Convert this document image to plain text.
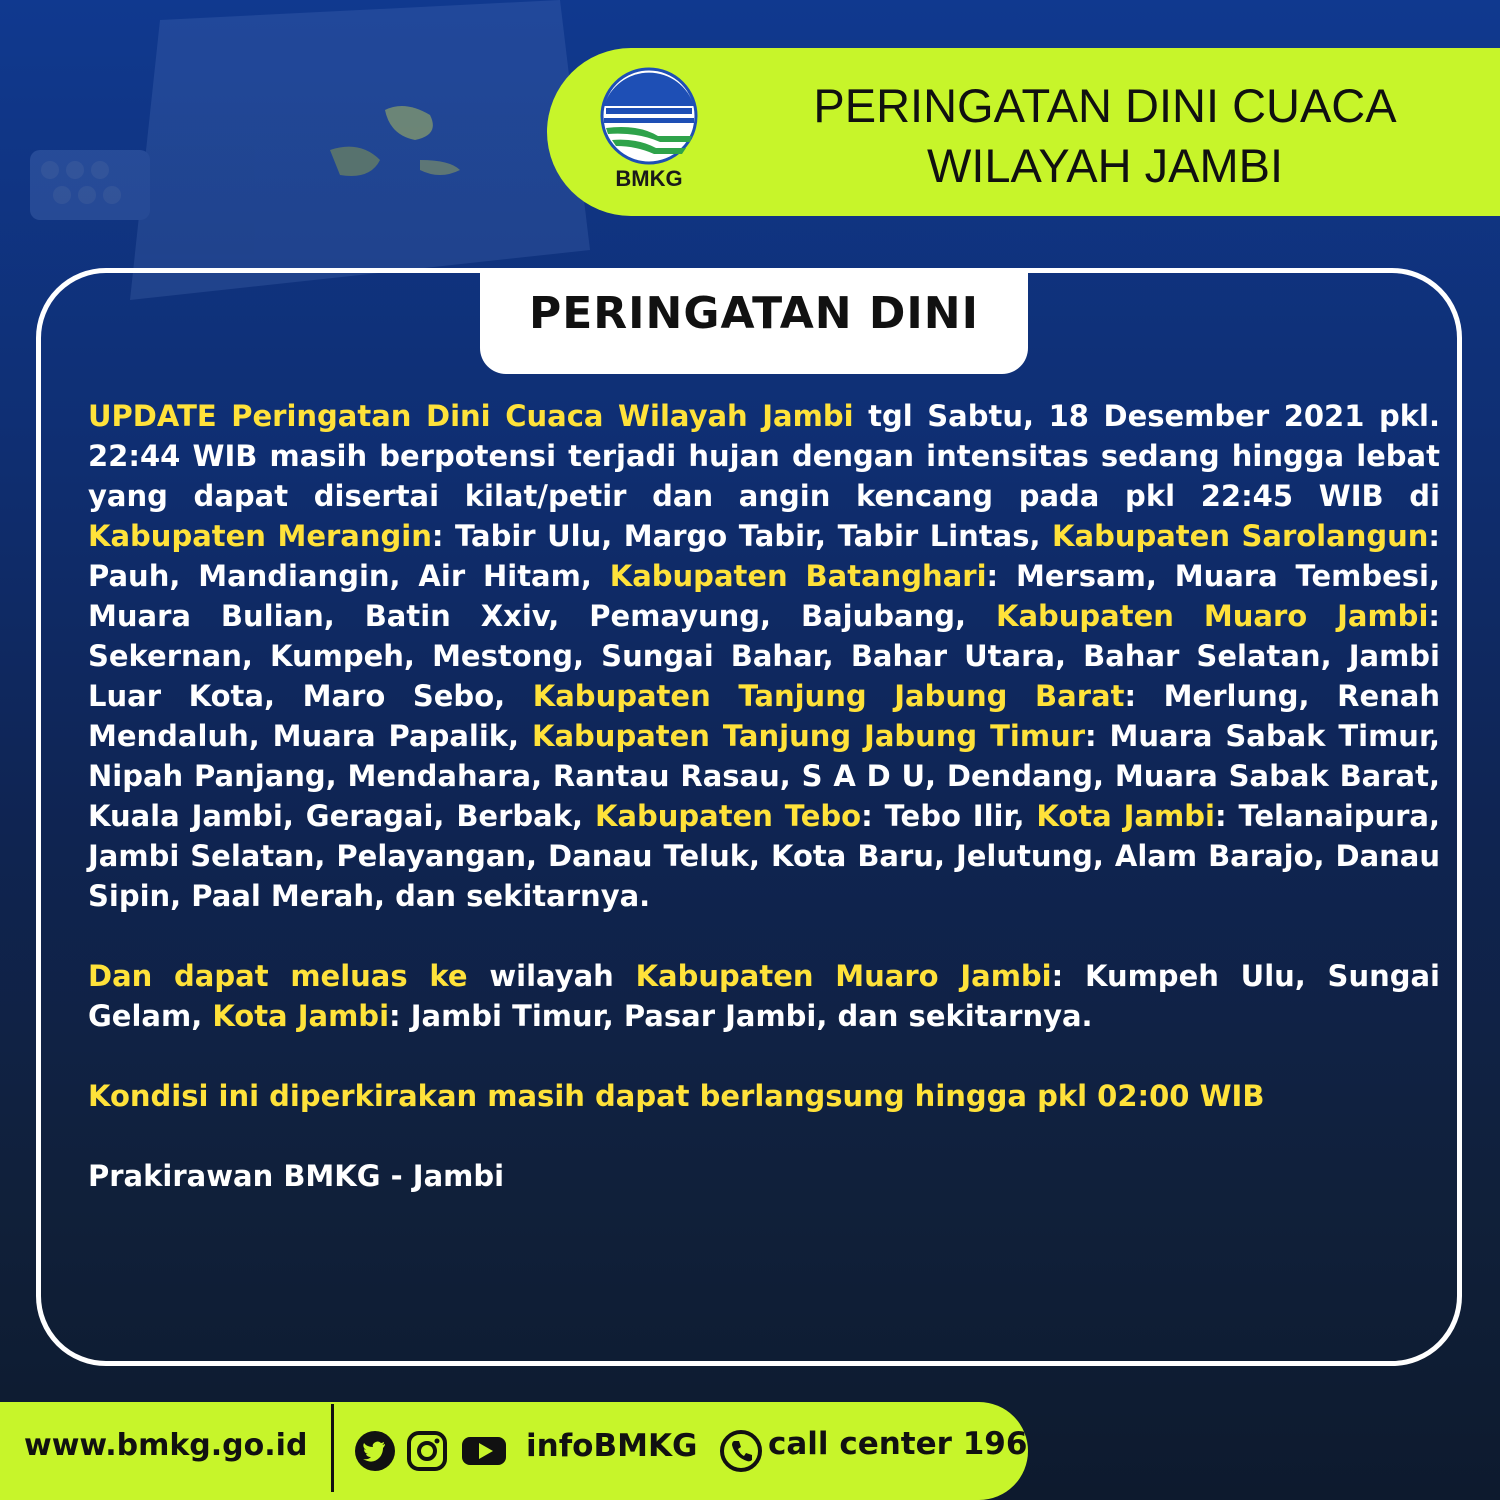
BMKG
PERINGATAN DINI CUACA
WILAYAH JAMBI
PERINGATAN DINI

UPDATE Peringatan Dini Cuaca Wilayah Jambi tgl Sabtu, 18 Desember 2021 pkl. 22:44 WIB masih berpotensi terjadi hujan dengan intensitas sedang hingga lebat yang dapat disertai kilat/petir dan angin kencang pada pkl 22:45 WIB di Kabupaten Merangin: Tabir Ulu, Margo Tabir, Tabir Lintas, Kabupaten Sarolangun: Pauh, Mandiangin, Air Hitam, Kabupaten Batanghari: Mersam, Muara Tembesi, Muara Bulian, Batin Xxiv, Pemayung, Bajubang, Kabupaten Muaro Jambi: Sekernan, Kumpeh, Mestong, Sungai Bahar, Bahar Utara, Bahar Selatan, Jambi Luar Kota, Maro Sebo, Kabupaten Tanjung Jabung Barat: Merlung, Renah Mendaluh, Muara Papalik, Kabupaten Tanjung Jabung Timur: Muara Sabak Timur, Nipah Panjang, Mendahara, Rantau Rasau, S A D U, Dendang, Muara Sabak Barat, Kuala Jambi, Geragai, Berbak, Kabupaten Tebo: Tebo Ilir, Kota Jambi: Telanaipura, Jambi Selatan, Pelayangan, Danau Teluk, Kota Baru, Jelutung, Alam Barajo, Danau Sipin, Paal Merah, dan sekitarnya.

Dan dapat meluas ke wilayah Kabupaten Muaro Jambi: Kumpeh Ulu, Sungai Gelam, Kota Jambi: Jambi Timur, Pasar Jambi, dan sekitarnya.

Kondisi ini diperkirakan masih dapat berlangsung hingga pkl 02:00 WIB

Prakirawan BMKG - Jambi

www.bmkg.go.id	infoBMKG call center 196
